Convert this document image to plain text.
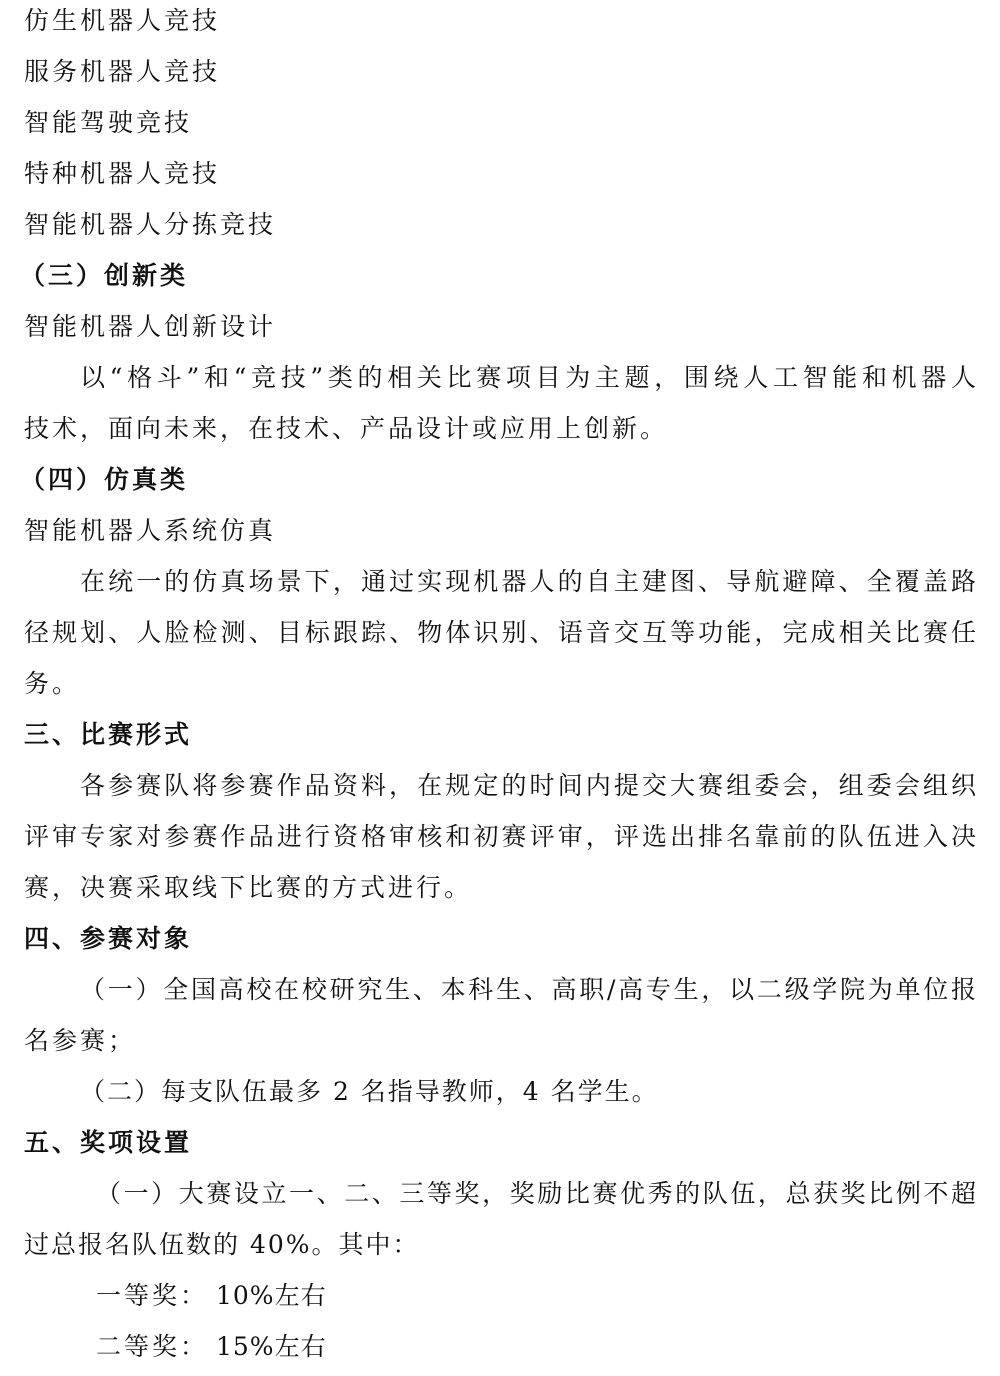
仿生机器人竞技
服务机器人竞技
智能驾驶竞技
特种机器人竞技
智能机器人分拣竞技
（三）创新类
智能机器人创新设计
以“格斗”和“竞技”类的相关比赛项目为主题，围绕人工智能和机器人
技术，面向未来，在技术、产品设计或应用上创新。
（四）仿真类
智能机器人系统仿真
在统一的仿真场景下，通过实现机器人的自主建图、导航避障、全覆盖路
径规划、人脸检测、目标跟踪、物体识别、语音交互等功能，完成相关比赛任
务。
三、比赛形式
各参赛队将参赛作品资料，在规定的时间内提交大赛组委会，组委会组织
评审专家对参赛作品进行资格审核和初赛评审，评选出排名靠前的队伍进入决
赛，决赛采取线下比赛的方式进行。
四、参赛对象
（一）全国高校在校研究生、本科生、高职/高专生，以二级学院为单位报
名参赛；
（二）每支队伍最多 2 名指导教师，4 名学生。
五、奖项设置
（一）大赛设立一、二、三等奖，奖励比赛优秀的队伍，总获奖比例不超
过总报名队伍数的 40%。其中：
一等奖： 10%左右
二等奖： 15%左右
